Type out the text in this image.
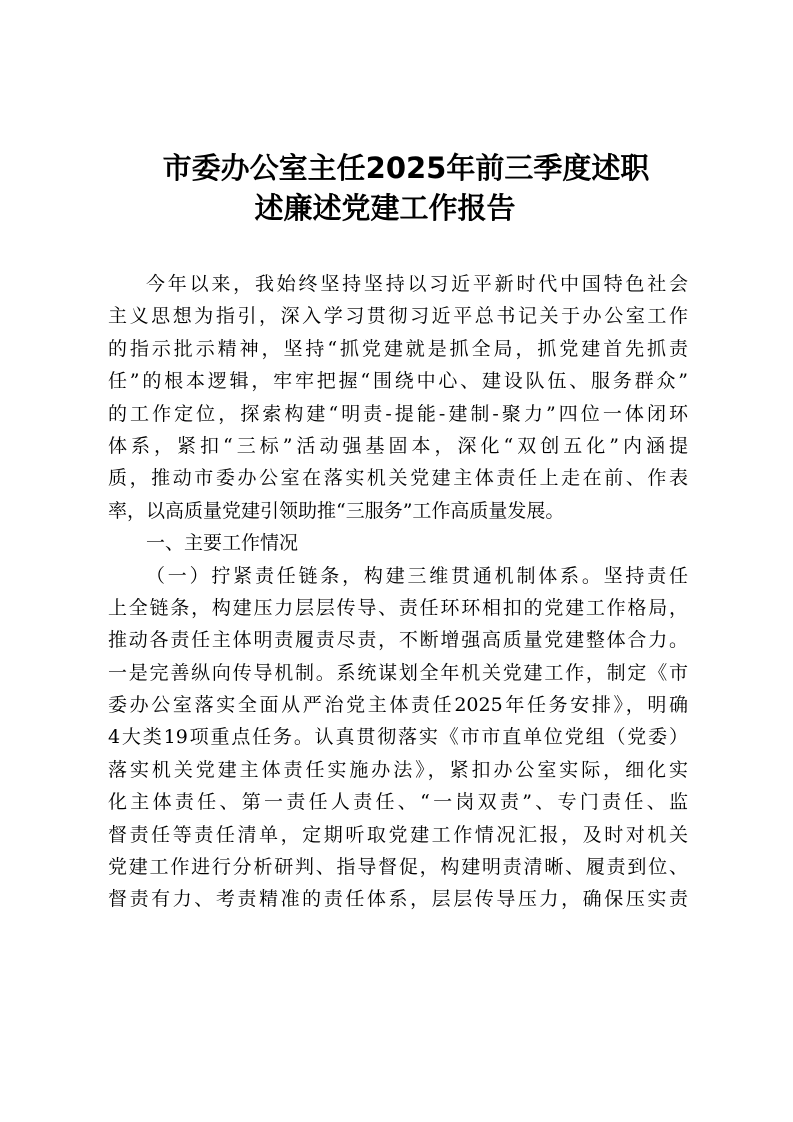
市委办公室主任2025年前三季度述职
述廉述党建工作报告
今年以来，我始终坚持坚持以习近平新时代中国特色社会
主义思想为指引，深入学习贯彻习近平总书记关于办公室工作
的指示批示精神，坚持“抓党建就是抓全局，抓党建首先抓责
任”的根本逻辑，牢牢把握“围绕中心、建设队伍、服务群众”
的工作定位，探索构建“明责-提能-建制-聚力”四位一体闭环
体系，紧扣“三标”活动强基固本，深化“双创五化”内涵提
质，推动市委办公室在落实机关党建主体责任上走在前、作表
率，以高质量党建引领助推“三服务”工作高质量发展。
一、主要工作情况
（一）拧紧责任链条，构建三维贯通机制体系。坚持责任
上全链条，构建压力层层传导、责任环环相扣的党建工作格局，
推动各责任主体明责履责尽责，不断增强高质量党建整体合力。
一是完善纵向传导机制。系统谋划全年机关党建工作，制定《市
委办公室落实全面从严治党主体责任2025年任务安排》，明确
4大类19项重点任务。认真贯彻落实《市市直单位党组（党委）
落实机关党建主体责任实施办法》，紧扣办公室实际，细化实
化主体责任、第一责任人责任、“一岗双责”、专门责任、监
督责任等责任清单，定期听取党建工作情况汇报，及时对机关
党建工作进行分析研判、指导督促，构建明责清晰、履责到位、
督责有力、考责精准的责任体系，层层传导压力，确保压实责
